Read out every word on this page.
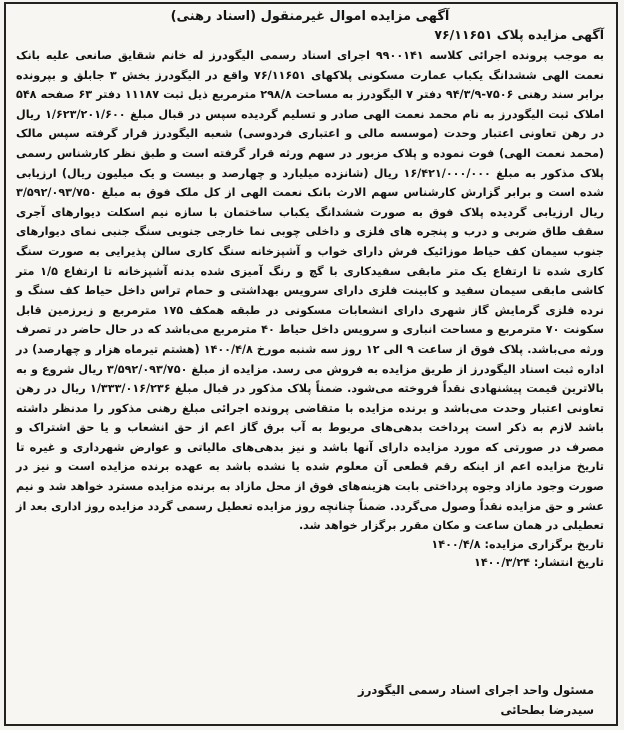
آگهی مزایده اموال غیرمنقول (اسناد رهنی)

آگهی مزایده پلاک ۷۶/۱۱۶۵۱

به موجب پرونده اجرائی کلاسه ۹۹۰۰۱۴۱ اجرای اسناد رسمی الیگودرز له خانم شقایق صانعی علیه بانک نعمت الهی ششدانگ یکباب عمارت مسکونی پلاکهای ۷۶/۱۱۶۵۱ واقع در الیگودرز بخش ۳ جابلق و بپرونده برابر سند رهنی ۷۵۰۶-۹۴/۳/۹ دفتر ۷ الیگودرز به مساحت ۲۹۸/۸ مترمربع ذیل ثبت ۱۱۱۸۷ دفتر ۶۳ صفحه ۵۴۸ املاک ثبت الیگودرز به نام محمد نعمت الهی صادر و تسلیم گردیده سپس در قبال مبلغ ۱/۶۲۳/۲۰۱/۶۰۰ ریال در رهن تعاونی اعتبار وحدت (موسسه مالی و اعتباری فردوسی) شعبه الیگودرز قرار گرفته سپس مالک (محمد نعمت الهی) فوت نموده و پلاک مزبور در سهم ورثه قرار گرفته است و طبق نظر کارشناس رسمی پلاک مذکور به مبلغ ۱۶/۴۲۱/۰۰۰/۰۰۰ ریال (شانزده میلیارد و چهارصد و بیست و یک میلیون ریال) ارزیابی شده است و برابر گزارش کارشناس سهم الارث بانک نعمت الهی از کل ملک فوق به مبلغ ۳/۵۹۲/۰۹۳/۷۵۰ ریال ارزیابی گردیده پلاک فوق به صورت ششدانگ یکباب ساختمان با سازه نیم اسکلت دیوارهای آجری سقف طاق ضربی و درب و پنجره های فلزی و داخلی چوبی نما خارجی جنوبی سنگ جنبی نمای دیوارهای جنوب سیمان کف حیاط موزائیک فرش دارای خواب و آشپزخانه سنگ کاری سالن پذیرایی به صورت سنگ کاری شده تا ارتفاع یک متر مابقی سفیدکاری با گچ و رنگ آمیزی شده بدنه آشپزخانه تا ارتفاع ۱/۵ متر کاشی مابقی سیمان سفید و کابینت فلزی دارای سرویس بهداشتی و حمام تراس داخل حیاط کف سنگ و نرده فلزی گرمایش گاز شهری دارای انشعابات مسکونی در طبقه همکف ۱۷۵ مترمربع و زیرزمین قابل سکونت ۷۰ مترمربع و مساحت انباری و سرویس داخل حیاط ۴۰ مترمربع می‌باشد که در حال حاضر در تصرف ورثه می‌باشد. پلاک فوق از ساعت ۹ الی ۱۲ روز سه شنبه مورخ ۱۴۰۰/۴/۸ (هشتم تیرماه هزار و چهارصد) در اداره ثبت اسناد الیگودرز از طریق مزایده به فروش می رسد. مزایده از مبلغ ۳/۵۹۲/۰۹۳/۷۵۰ ریال شروع و به بالاترین قیمت پیشنهادی نقداً فروخته می‌شود. ضمناً پلاک مذکور در قبال مبلغ ۱/۳۳۳/۰۱۶/۲۳۶ ریال در رهن تعاونی اعتبار وحدت می‌باشد و برنده مزایده با متقاضی پرونده اجرائی مبلغ رهنی مذکور را مدنظر داشته باشد لازم به ذکر است پرداخت بدهی‌های مربوط به آب برق گاز اعم از حق انشعاب و یا حق اشتراک و مصرف در صورتی که مورد مزایده دارای آنها باشد و نیز بدهی‌های مالیاتی و عوارض شهرداری و غیره تا تاریخ مزایده اعم از اینکه رقم قطعی آن معلوم شده یا نشده باشد به عهده برنده مزایده است و نیز در صورت وجود مازاد وجوه پرداختی بابت هزینه‌های فوق از محل مازاد به برنده مزایده مسترد خواهد شد و نیم عشر و حق مزایده نقداً وصول می‌گردد. ضمناً چنانچه روز مزایده تعطیل رسمی گردد مزایده روز اداری بعد از تعطیلی در همان ساعت و مکان مقرر برگزار خواهد شد.

تاریخ برگزاری مزایده: ۱۴۰۰/۴/۸

تاریخ انتشار: ۱۴۰۰/۳/۲۴

مسئول واحد اجرای اسناد رسمی الیگودرز

سیدرضا بطحائی
